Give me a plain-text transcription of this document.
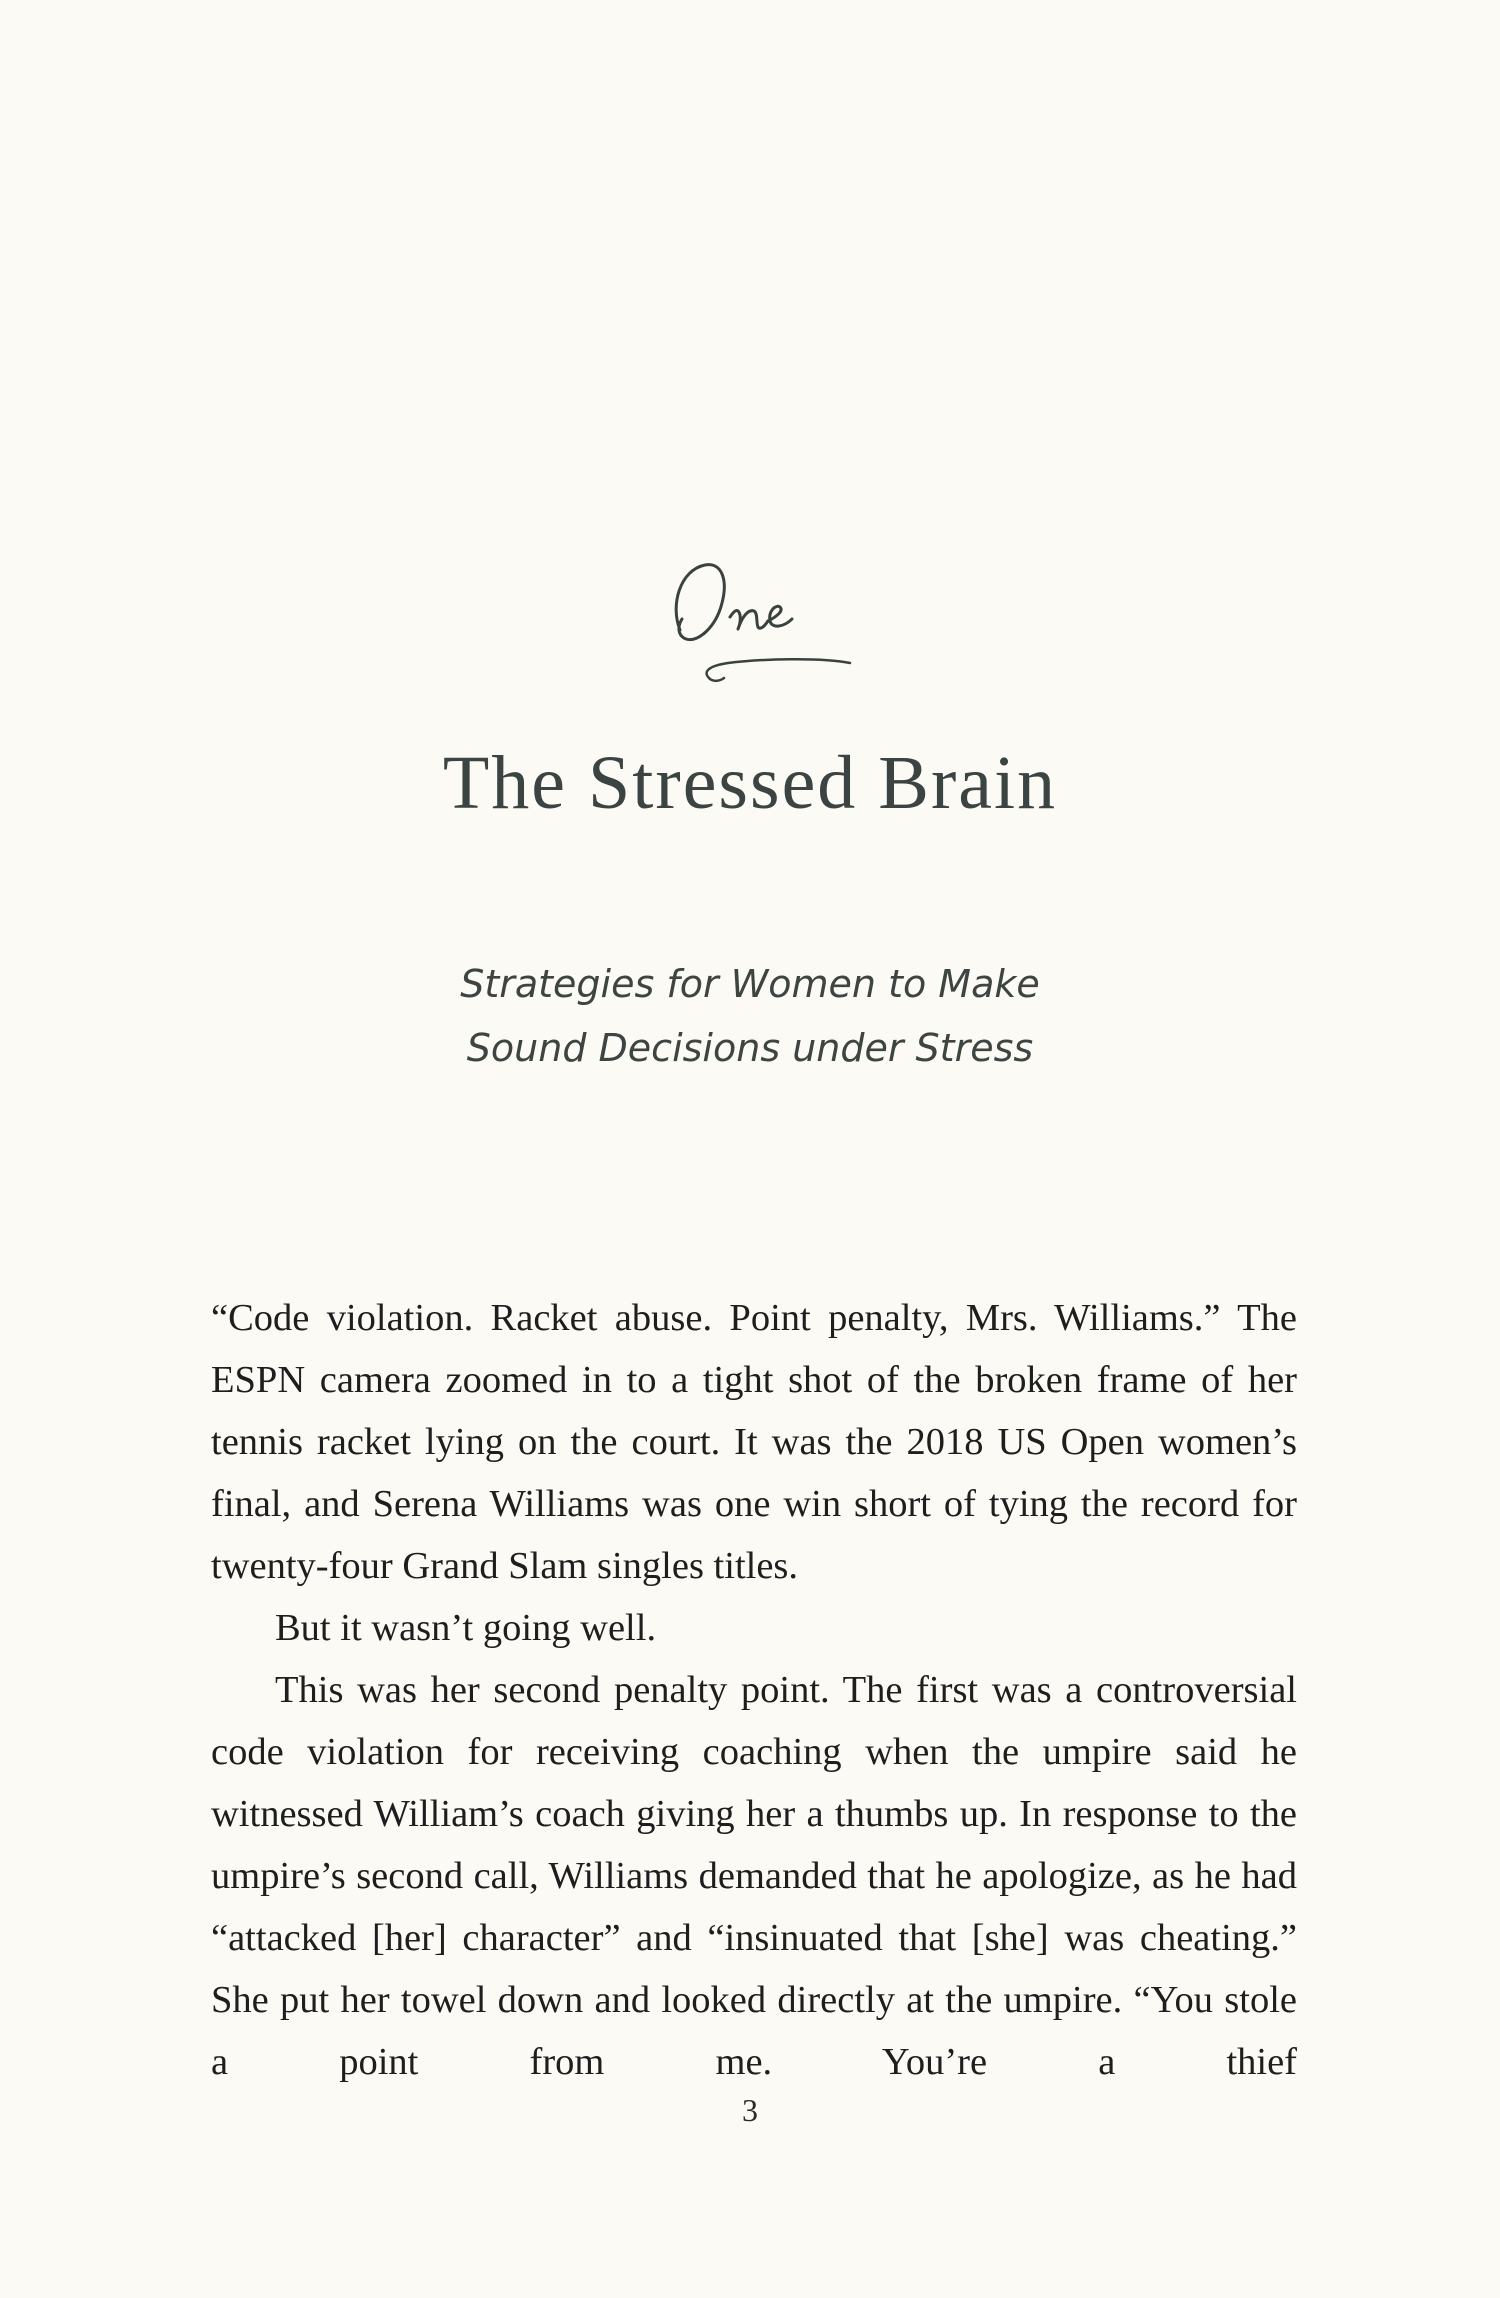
The Stressed Brain
Strategies for Women to Make
Sound Decisions under Stress

“Code violation. Racket abuse. Point penalty, Mrs. Williams.” The ESPN camera zoomed in to a tight shot of the broken frame of her tennis racket lying on the court. It was the 2018 US Open women’s final, and Serena Williams was one win short of tying the record for twenty-four Grand Slam singles titles.

But it wasn’t going well.

This was her second penalty point. The first was a controversial code violation for receiving coaching when the umpire said he witnessed William’s coach giving her a thumbs up. In response to the umpire’s second call, Williams demanded that he apologize, as he had “attacked [her] character” and “insinuated that [she] was cheating.” She put her towel down and looked directly at the umpire. “You stole a point from me. You’re a thief

3
